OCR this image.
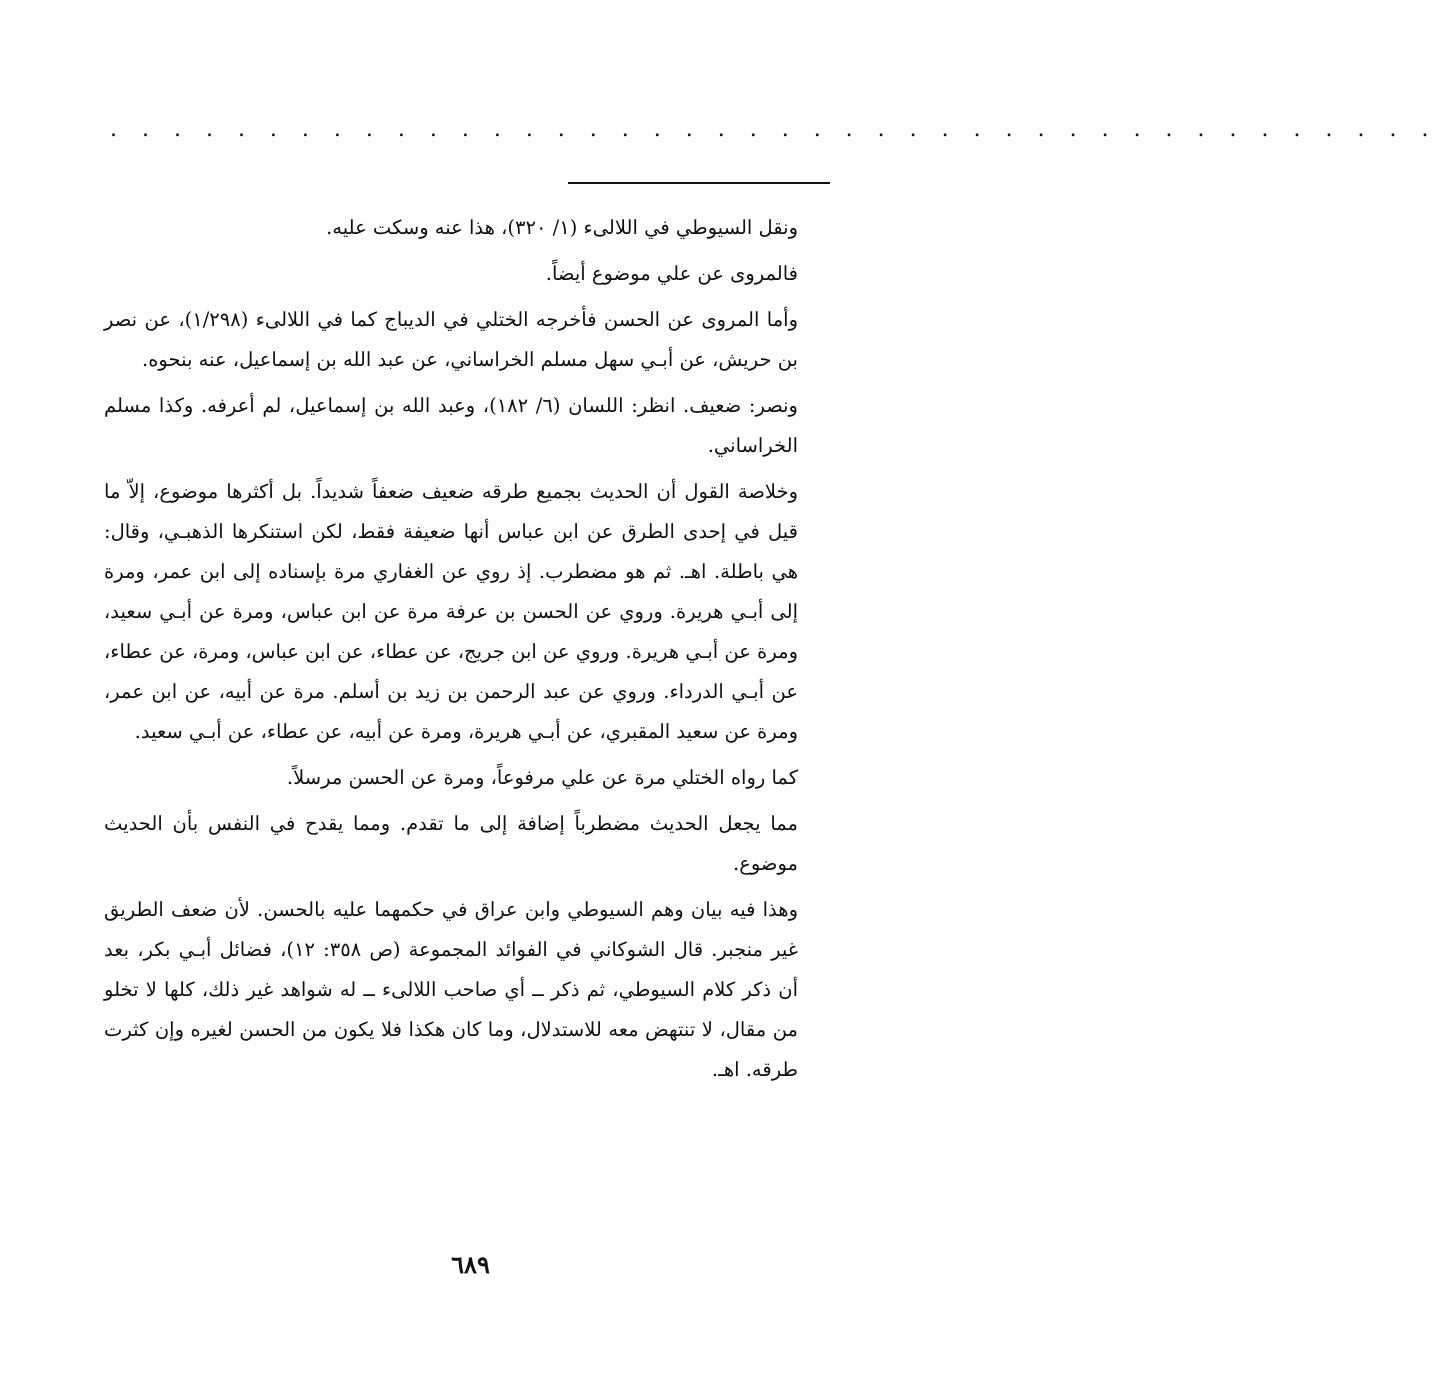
. . . . . . . . . . . . . . . . . . . . . . . . . . . . . . . . . . . . . . . . . .

ونقل السيوطي في اللالىء (١/ ٣٢٠)، هذا عنه وسكت عليه.

فالمروى عن علي موضوع أيضاً.

وأما المروى عن الحسن فأخرجه الختلي في الديباج كما في اللالىء (١/٢٩٨)، عن نصر بن حريش، عن أبـي سهل مسلم الخراساني، عن عبد الله بن إسماعيل، عنه بنحوه.

ونصر: ضعيف. انظر: اللسان (٦/ ١٨٢)، وعبد الله بن إسماعيل، لم أعرفه. وكذا مسلم الخراساني.

وخلاصة القول أن الحديث بجميع طرقه ضعيف ضعفاً شديداً. بل أكثرها موضوع، إلاّ ما قيل في إحدى الطرق عن ابن عباس أنها ضعيفة فقط، لكن استنكرها الذهبـي، وقال: هي باطلة. اهـ. ثم هو مضطرب. إذ روي عن الغفاري مرة بإسناده إلى ابن عمر، ومرة إلى أبـي هريرة. وروي عن الحسن بن عرفة مرة عن ابن عباس، ومرة عن أبـي سعيد، ومرة عن أبـي هريرة. وروي عن ابن جريج، عن عطاء، عن ابن عباس، ومرة، عن عطاء، عن أبـي الدرداء. وروي عن عبد الرحمن بن زيد بن أسلم. مرة عن أبيه، عن ابن عمر، ومرة عن سعيد المقبري، عن أبـي هريرة، ومرة عن أبيه، عن عطاء، عن أبـي سعيد.

كما رواه الختلي مرة عن علي مرفوعاً، ومرة عن الحسن مرسلاً.

مما يجعل الحديث مضطرباً إضافة إلى ما تقدم. ومما يقدح في النفس بأن الحديث موضوع.

وهذا فيه بيان وهم السيوطي وابن عراق في حكمهما عليه بالحسن. لأن ضعف الطريق غير منجبر. قال الشوكاني في الفوائد المجموعة (ص ٣٥٨: ١٢)، فضائل أبـي بكر، بعد أن ذكر كلام السيوطي، ثم ذكر ــ أي صاحب اللالىء ــ له شواهد غير ذلك، كلها لا تخلو من مقال، لا تنتهض معه للاستدلال، وما كان هكذا فلا يكون من الحسن لغيره وإن كثرت طرقه. اهـ.

٦٨٩
